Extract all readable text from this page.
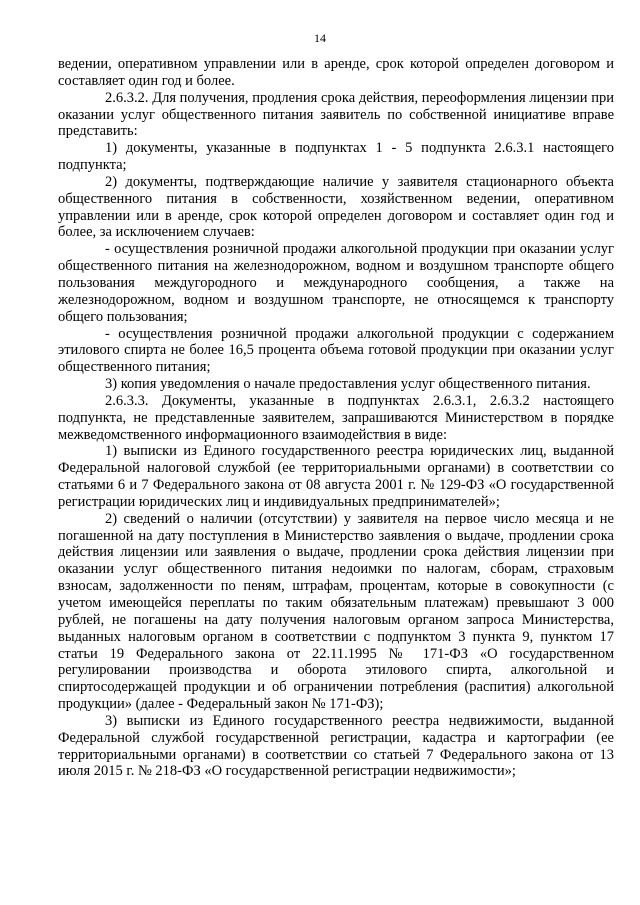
14

ведении, оперативном управлении или в аренде, срок которой определен договором и составляет один год и более.

2.6.3.2. Для получения, продления срока действия, переоформления лицензии при оказании услуг общественного питания заявитель по собственной инициативе вправе представить:

1) документы, указанные в подпунктах 1 - 5 подпункта 2.6.3.1 настоящего подпункта;

2) документы, подтверждающие наличие у заявителя стационарного объекта общественного питания в собственности, хозяйственном ведении, оперативном управлении или в аренде, срок которой определен договором и составляет один год и более, за исключением случаев:

- осуществления розничной продажи алкогольной продукции при оказании услуг общественного питания на железнодорожном, водном и воздушном транспорте общего пользования междугородного и международного сообщения, а также на железнодорожном, водном и воздушном транспорте, не относящемся к транспорту общего пользования;

- осуществления розничной продажи алкогольной продукции с содержанием этилового спирта не более 16,5 процента объема готовой продукции при оказании услуг общественного питания;

3) копия уведомления о начале предоставления услуг общественного питания.

2.6.3.3. Документы, указанные в подпунктах 2.6.3.1, 2.6.3.2 настоящего подпункта, не представленные заявителем, запрашиваются Министерством в порядке межведомственного информационного взаимодействия в виде:

1) выписки из Единого государственного реестра юридических лиц, выданной Федеральной налоговой службой (ее территориальными органами) в соответствии со статьями 6 и 7 Федерального закона от 08 августа 2001 г. № 129-ФЗ «О государственной регистрации юридических лиц и индивидуальных предпринимателей»;

2) сведений о наличии (отсутствии) у заявителя на первое число месяца и не погашенной на дату поступления в Министерство заявления о выдаче, продлении срока действия лицензии или заявления о выдаче, продлении срока действия лицензии при оказании услуг общественного питания недоимки по налогам, сборам, страховым взносам, задолженности по пеням, штрафам, процентам, которые в совокупности (с учетом имеющейся переплаты по таким обязательным платежам) превышают 3 000 рублей, не погашены на дату получения налоговым органом запроса Министерства, выданных налоговым органом в соответствии с подпунктом 3 пункта 9, пунктом 17 статьи 19 Федерального закона от 22.11.1995 № 171-ФЗ «О государственном регулировании производства и оборота этилового спирта, алкогольной и спиртосодержащей продукции и об ограничении потребления (распития) алкогольной продукции» (далее - Федеральный закон № 171-ФЗ);

3) выписки из Единого государственного реестра недвижимости, выданной Федеральной службой государственной регистрации, кадастра и картографии (ее территориальными органами) в соответствии со статьей 7 Федерального закона от 13 июля 2015 г. № 218-ФЗ «О государственной регистрации недвижимости»;
